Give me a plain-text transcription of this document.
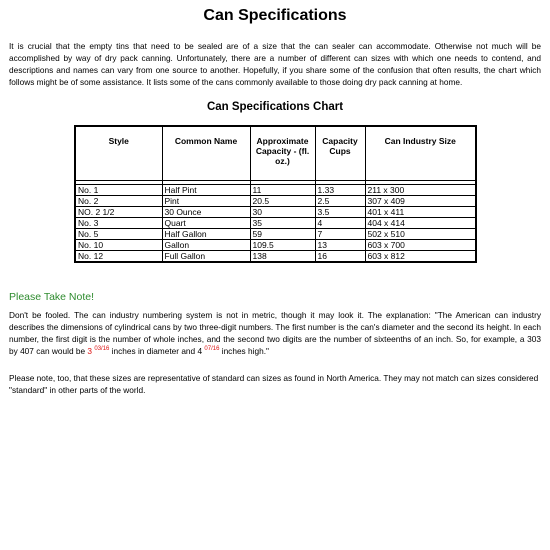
Can Specifications
It is crucial that the empty tins that need to be sealed are of a size that the can sealer can accommodate. Otherwise not much will be accomplished by way of dry pack canning. Unfortunately, there are a number of different can sizes with which one needs to contend, and descriptions and names can vary from one source to another. Hopefully, if you share some of the confusion that often results, the chart which follows might be of some assistance. It lists some of the cans commonly available to those doing dry pack canning at home.
Can Specifications Chart
Style	Common Name	Approximate Capacity - (fl. oz.)	Capacity Cups	Can Industry Size

No. 1	Half Pint	11	1.33	211 x 300
No. 2	Pint	20.5	2.5	307 x 409
NO. 2 1/2	30 Ounce	30	3.5	401 x 411
No. 3	Quart	35	4	404 x 414
No. 5	Half Gallon	59	7	502 x 510
No. 10	Gallon	109.5	13	603 x 700
No. 12	Full Gallon	138	16	603 x 812
Please Take Note!
Don't be fooled. The can industry numbering system is not in metric, though it may look it. The explanation: "The American can industry describes the dimensions of cylindrical cans by two three-digit numbers. The first number is the can's diameter and the second its height. In each number, the first digit is the number of whole inches, and the second two digits are the number of sixteenths of an inch. So, for example, a 303 by 407 can would be 3 $^{03/16}$ inches in diameter and 4 $^{07/16}$ inches high."
Please note, too, that these sizes are representative of standard can sizes as found in North America. They may not match can sizes considered "standard" in other parts of the world.
